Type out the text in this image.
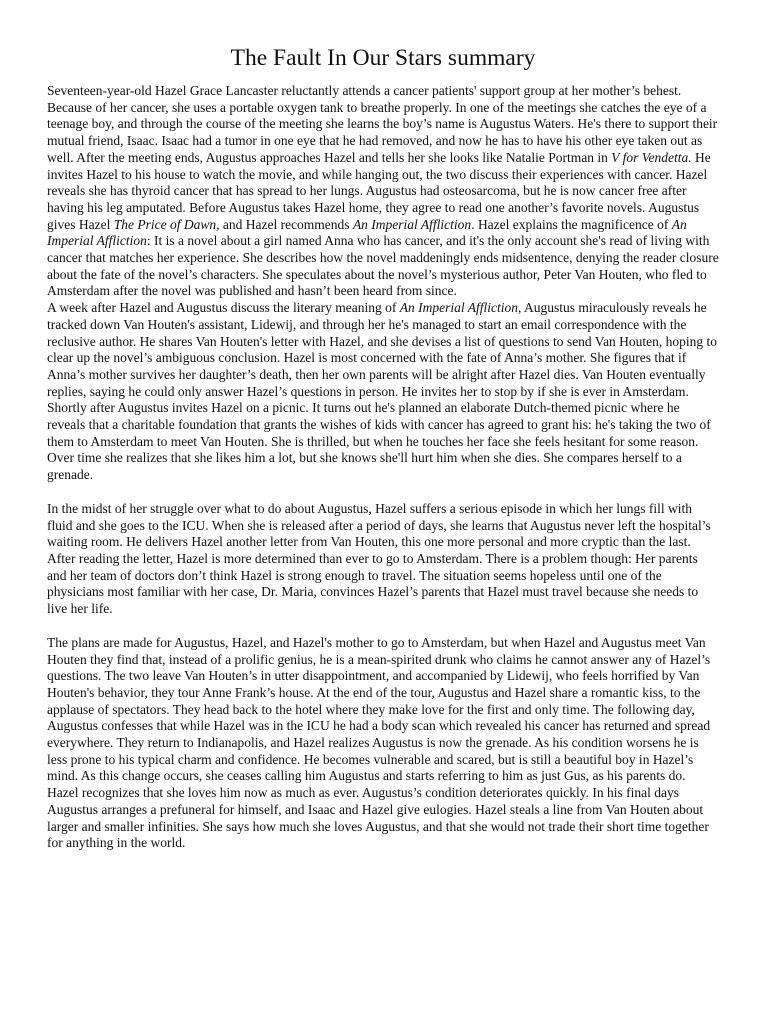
The Fault In Our Stars summary

Seventeen-year-old Hazel Grace Lancaster reluctantly attends a cancer patients' support group at her mother’s behest. Because of her cancer, she uses a portable oxygen tank to breathe properly. In one of the meetings she catches the eye of a teenage boy, and through the course of the meeting she learns the boy’s name is Augustus Waters. He's there to support their mutual friend, Isaac. Isaac had a tumor in one eye that he had removed, and now he has to have his other eye taken out as well. After the meeting ends, Augustus approaches Hazel and tells her she looks like Natalie Portman in V for Vendetta. He invites Hazel to his house to watch the movie, and while hanging out, the two discuss their experiences with cancer. Hazel reveals she has thyroid cancer that has spread to her lungs. Augustus had osteosarcoma, but he is now cancer free after having his leg amputated. Before Augustus takes Hazel home, they agree to read one another’s favorite novels. Augustus gives Hazel The Price of Dawn, and Hazel recommends An Imperial Affliction. Hazel explains the magnificence of An Imperial Affliction: It is a novel about a girl named Anna who has cancer, and it's the only account she's read of living with cancer that matches her experience. She describes how the novel maddeningly ends midsentence, denying the reader closure about the fate of the novel’s characters. She speculates about the novel’s mysterious author, Peter Van Houten, who fled to Amsterdam after the novel was published and hasn’t been heard from since.

A week after Hazel and Augustus discuss the literary meaning of An Imperial Affliction, Augustus miraculously reveals he tracked down Van Houten's assistant, Lidewij, and through her he's managed to start an email correspondence with the reclusive author. He shares Van Houten's letter with Hazel, and she devises a list of questions to send Van Houten, hoping to clear up the novel’s ambiguous conclusion. Hazel is most concerned with the fate of Anna’s mother. She figures that if Anna’s mother survives her daughter’s death, then her own parents will be alright after Hazel dies. Van Houten eventually replies, saying he could only answer Hazel’s questions in person. He invites her to stop by if she is ever in Amsterdam.

Shortly after Augustus invites Hazel on a picnic. It turns out he's planned an elaborate Dutch-themed picnic where he reveals that a charitable foundation that grants the wishes of kids with cancer has agreed to grant his: he's taking the two of them to Amsterdam to meet Van Houten. She is thrilled, but when he touches her face she feels hesitant for some reason. Over time she realizes that she likes him a lot, but she knows she'll hurt him when she dies. She compares herself to a grenade.

In the midst of her struggle over what to do about Augustus, Hazel suffers a serious episode in which her lungs fill with fluid and she goes to the ICU. When she is released after a period of days, she learns that Augustus never left the hospital’s waiting room. He delivers Hazel another letter from Van Houten, this one more personal and more cryptic than the last. After reading the letter, Hazel is more determined than ever to go to Amsterdam. There is a problem though: Her parents and her team of doctors don’t think Hazel is strong enough to travel. The situation seems hopeless until one of the physicians most familiar with her case, Dr. Maria, convinces Hazel’s parents that Hazel must travel because she needs to live her life.

The plans are made for Augustus, Hazel, and Hazel's mother to go to Amsterdam, but when Hazel and Augustus meet Van Houten they find that, instead of a prolific genius, he is a mean-spirited drunk who claims he cannot answer any of Hazel’s questions. The two leave Van Houten’s in utter disappointment, and accompanied by Lidewij, who feels horrified by Van Houten's behavior, they tour Anne Frank’s house. At the end of the tour, Augustus and Hazel share a romantic kiss, to the applause of spectators. They head back to the hotel where they make love for the first and only time. The following day, Augustus confesses that while Hazel was in the ICU he had a body scan which revealed his cancer has returned and spread everywhere. They return to Indianapolis, and Hazel realizes Augustus is now the grenade. As his condition worsens he is less prone to his typical charm and confidence. He becomes vulnerable and scared, but is still a beautiful boy in Hazel’s mind. As this change occurs, she ceases calling him Augustus and starts referring to him as just Gus, as his parents do. Hazel recognizes that she loves him now as much as ever. Augustus’s condition deteriorates quickly. In his final days Augustus arranges a prefuneral for himself, and Isaac and Hazel give eulogies. Hazel steals a line from Van Houten about larger and smaller infinities. She says how much she loves Augustus, and that she would not trade their short time together for anything in the world.
